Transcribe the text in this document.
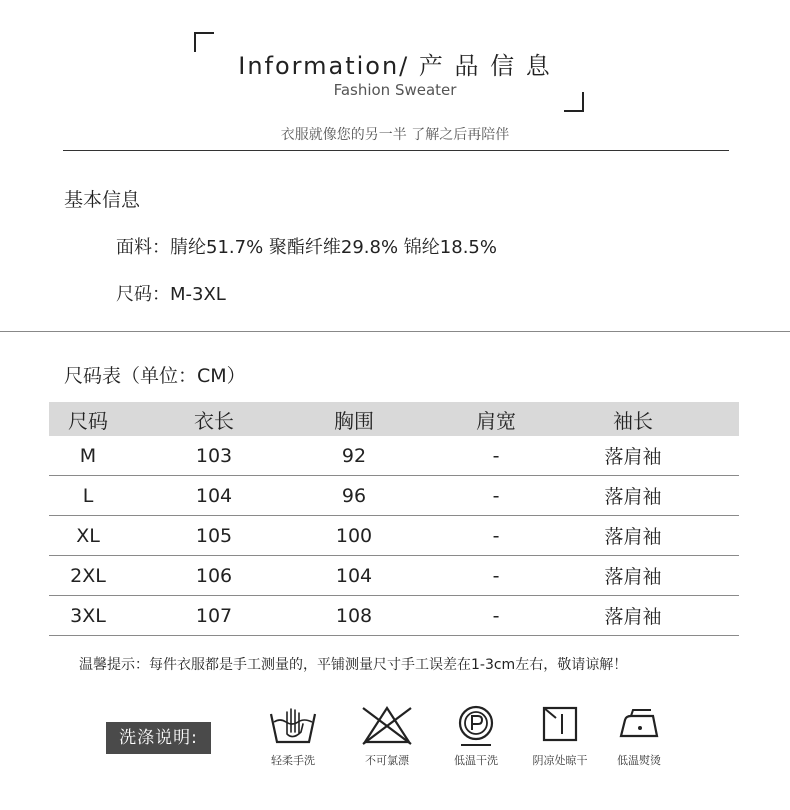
Information/ 产 品 信 息
Fashion Sweater
衣服就像您的另一半 了解之后再陪伴
基本信息
面料：腈纶51.7% 聚酯纤维29.8% 锦纶18.5%
尺码：M-3XL
尺码表（单位：CM）
尺码	衣长	胸围	肩宽	袖长
M	103	92	-	落肩袖
L	104	96	-	落肩袖
XL	105	100	-	落肩袖
2XL	106	104	-	落肩袖
3XL	107	108	-	落肩袖
温馨提示：每件衣服都是手工测量的，平铺测量尺寸手工误差在1-3cm左右，敬请谅解！
洗涤说明:
轻柔手洗	不可氯漂	低温干洗	阴凉处晾干	低温熨烫
